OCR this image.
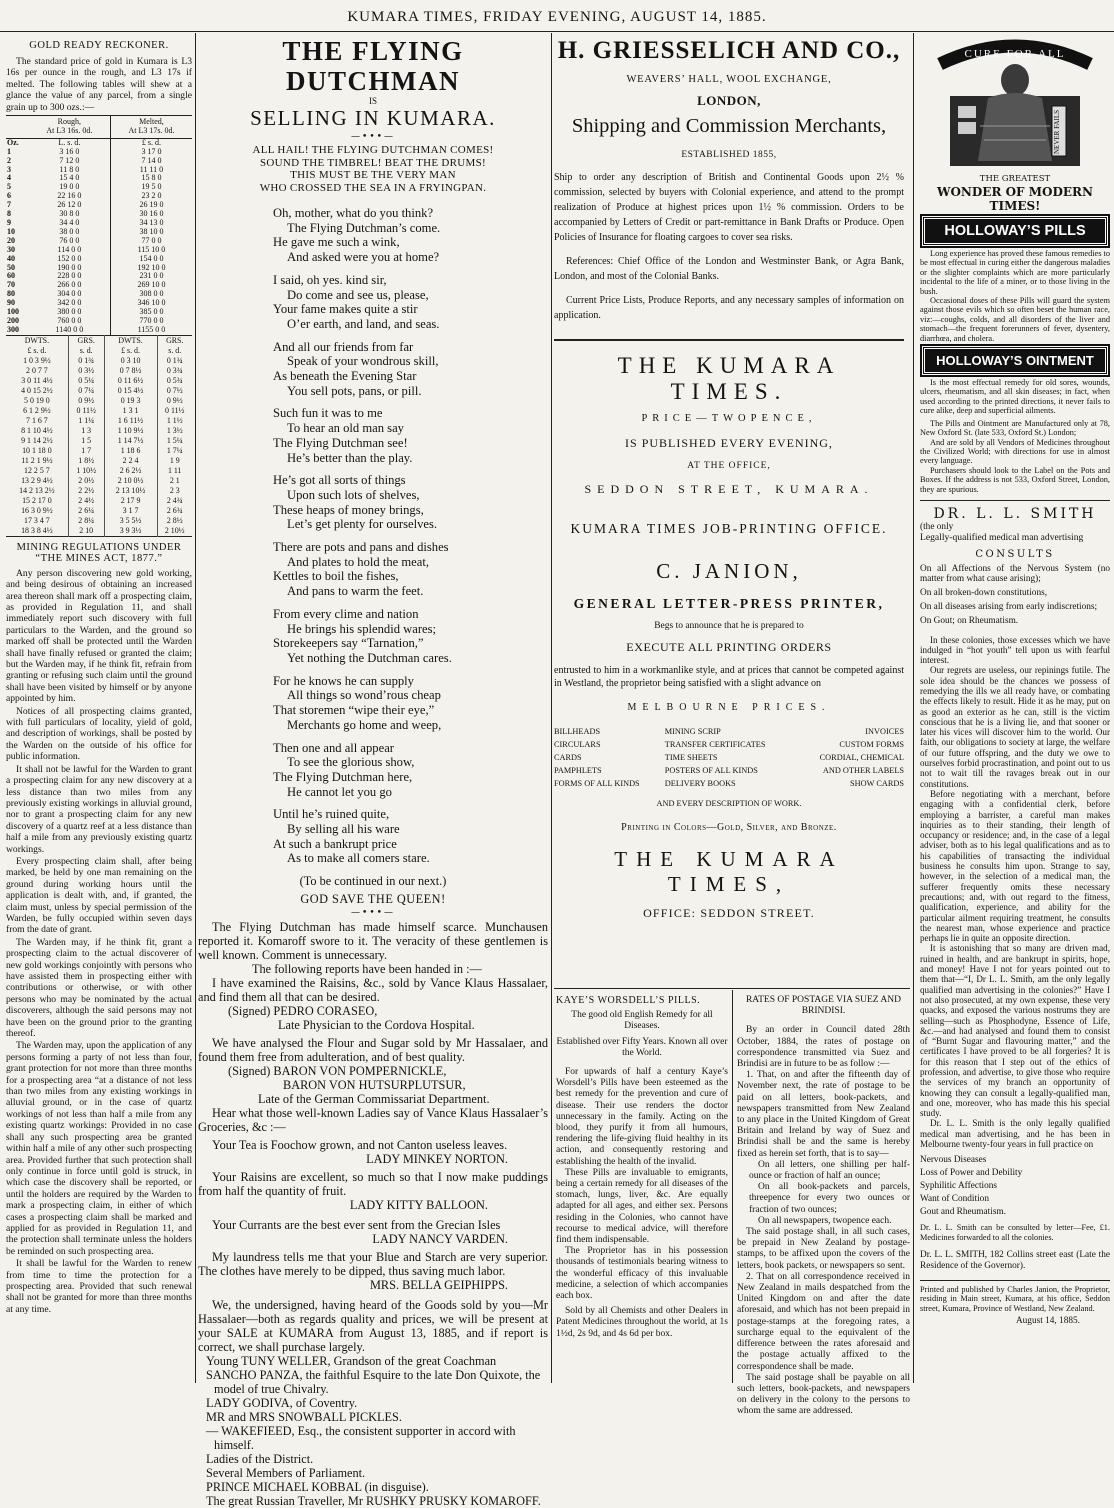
KUMARA TIMES, FRIDAY EVENING, AUGUST 14, 1885.
GOLD READY RECKONER.
The standard price of gold in Kumara is L3 16s per ounce in the rough, and L3 17s if melted. The following tables will shew at a glance the value of any parcel, from a single grain up to 300 ozs.:—
	Rough,
At L3 16s. 0d.	Melted,
At L3 17s. 0d.
Oz.	L. s. d.	£ s. d.
1	3 16 0	3 17 0
2	7 12 0	7 14 0
3	11 8 0	11 11 0
4	15 4 0	15 8 0
5	19 0 0	19 5 0
6	22 16 0	23 2 0
7	26 12 0	26 19 0
8	30 8 0	30 16 0
9	34 4 0	34 13 0
10	38 0 0	38 10 0
20	76 0 0	77 0 0
30	114 0 0	115 10 0
40	152 0 0	154 0 0
50	190 0 0	192 10 0
60	228 0 0	231 0 0
70	266 0 0	269 10 0
80	304 0 0	308 0 0
90	342 0 0	346 10 0
100	380 0 0	385 0 0
200	760 0 0	770 0 0
300	1140 0 0	1155 0 0
DWTS.	GRS.	DWTS.	GRS.
£ s. d.	s. d.	£ s. d.	s. d.
1 0 3 9½	0 1¾	0 3 10	0 1¾
2 0 7 7	0 3½	0 7 8½	0 3¾
3 0 11 4½	0 5¼	0 11 6½	0 5¾
4 0 15 2½	0 7¼	0 15 4½	0 7½
5 0 19 0	0 9½	0 19 3	0 9½
6 1 2 9½	0 11½	1 3 1	0 11½
7 1 6 7	1 1¼	1 6 11½	1 1½
8 1 10 4½	1 3	1 10 9½	1 3½
9 1 14 2½	1 5	1 14 7½	1 5¼
10 1 18 0	1 7	1 18 6	1 7¼
11 2 1 9½	1 8½	2 2 4	1 9
12 2 5 7	1 10½	2 6 2½	1 11
13 2 9 4½	2 0½	2 10 0½	2 1
14 2 13 2½	2 2½	2 13 10½	2 3
15 2 17 0	2 4½	2 17 9	2 4¾
16 3 0 9½	2 6¼	3 1 7	2 6¾
17 3 4 7	2 8¼	3 5 5½	2 8½
18 3 8 4½	2 10	3 9 3½	2 10½
MINING REGULATIONS UNDER
“THE MINES ACT, 1877.”

Any person discovering new gold working, and being desirous of obtaining an increased area thereon shall mark off a prospecting claim, as provided in Regulation 11, and shall immediately report such discovery with full particulars to the Warden, and the ground so marked off shall be protected until the Warden shall have finally refused or granted the claim; but the Warden may, if he think fit, refrain from granting or refusing such claim until the ground shall have been visited by himself or by anyone appointed by him.

Notices of all prospecting claims granted, with full particulars of locality, yield of gold, and description of workings, shall be posted by the Warden on the outside of his office for public information.

It shall not be lawful for the Warden to grant a prospecting claim for any new discovery at a less distance than two miles from any previously existing workings in alluvial ground, nor to grant a prospecting claim for any new discovery of a quartz reef at a less distance than half a mile from any previously existing quartz workings.

Every prospecting claim shall, after being marked, be held by one man remaining on the ground during working hours until the application is dealt with, and, if granted, the claim must, unless by special permission of the Warden, be fully occupied within seven days from the date of grant.

The Warden may, if he think fit, grant a prospecting claim to the actual discoverer of new gold workings conjointly with persons who have assisted them in prospecting either with contributions or otherwise, or with other persons who may be nominated by the actual discoverers, although the said persons may not have been on the ground prior to the granting thereof.

The Warden may, upon the application of any persons forming a party of not less than four, grant protection for not more than three months for a prospecting area “at a distance of not less than two miles from any existing workings in alluvial ground, or in the case of quartz workings of not less than half a mile from any existing quartz workings: Provided in no case shall any such prospecting area be granted within half a mile of any other such prospecting area. Provided further that such protection shall only continue in force until gold is struck, in which case the discovery shall be reported, or until the holders are required by the Warden to mark a prospecting claim, in either of which cases a prospecting claim shall be marked and applied for as provided in Regulation 11, and the protection shall terminate unless the holders be reminded on such prospecting area.

It shall be lawful for the Warden to renew from time to time the protection for a prospecting area. Provided that such renewal shall not be granted for more than three months at any time.

THE FLYING DUTCHMAN
IS
SELLING IN KUMARA.
—•••—
ALL HAIL! THE FLYING DUTCHMAN COMES!
SOUND THE TIMBREL! BEAT THE DRUMS!
THIS MUST BE THE VERY MAN
WHO CROSSED THE SEA IN A FRYINGPAN.
Oh, mother, what do you think?
The Flying Dutchman’s come.
He gave me such a wink,
And asked were you at home?
I said, oh yes. kind sir,
Do come and see us, please,
Your fame makes quite a stir
O’er earth, and land, and seas.
And all our friends from far
Speak of your wondrous skill,
As beneath the Evening Star
You sell pots, pans, or pill.
Such fun it was to me
To hear an old man say
The Flying Dutchman see!
He’s better than the play.
He’s got all sorts of things
Upon such lots of shelves,
These heaps of money brings,
Let’s get plenty for ourselves.
There are pots and pans and dishes
And plates to hold the meat,
Kettles to boil the fishes,
And pans to warm the feet.
From every clime and nation
He brings his splendid wares;
Storekeepers say “Tarnation,”
Yet nothing the Dutchman cares.
For he knows he can supply
All things so wond’rous cheap
That storemen “wipe their eye,”
Merchants go home and weep,
Then one and all appear
To see the glorious show,
The Flying Dutchman here,
He cannot let you go
Until he’s ruined quite,
By selling all his ware
At such a bankrupt price
As to make all comers stare.
(To be continued in our next.)
GOD SAVE THE QUEEN!
—•••—

The Flying Dutchman has made himself scarce. Munchausen reported it. Komaroff swore to it. The veracity of these gentlemen is well known. Comment is unnecessary.

The following reports have been handed in :—

I have examined the Raisins, &c., sold by Vance Klaus Hassalaer, and find them all that can be desired.

(Signed) PEDRO CORASEO,
Late Physician to the Cordova Hospital.

We have analysed the Flour and Sugar sold by Mr Hassalaer, and found them free from adulteration, and of best quality.

(Signed) BARON VON POMPERNICKLE,
BARON VON HUTSURPLUTSUR,
Late of the German Commissariat Department.

Hear what those well-known Ladies say of Vance Klaus Hassalaer’s Groceries, &c :—

Your Tea is Foochow grown, and not Canton useless leaves.

LADY MINKEY NORTON.

Your Raisins are excellent, so much so that I now make puddings from half the quantity of fruit.

LADY KITTY BALLOON.

Your Currants are the best ever sent from the Grecian Isles

LADY NANCY VARDEN.

My laundress tells me that your Blue and Starch are very superior. The clothes have merely to be dipped, thus saving much labor.

MRS. BELLA GEIPHIPPS.

We, the undersigned, having heard of the Goods sold by you—Mr Hassalaer—both as regards quality and prices, we will be present at your SALE at KUMARA from August 13, 1885, and if report is correct, we shall purchase largely.

Young TUNY WELLER, Grandson of the great Coachman
SANCHO PANZA, the faithful Esquire to the late Don Quixote, the model of true Chivalry.
LADY GODIVA, of Coventry.
MR and MRS SNOWBALL PICKLES.
— WAKEFIEED, Esq., the consistent supporter in accord with himself.
Ladies of the District.
Several Members of Parliament.
PRINCE MICHAEL KOBBAL (in disguise).
The great Russian Traveller, Mr RUSHKY PRUSKY KOMAROFF.
H. GRIESSELICH AND CO.,
WEAVERS’ HALL, WOOL EXCHANGE,
LONDON,
Shipping and Commission Merchants,
ESTABLISHED 1855,
Ship to order any description of British and Continental Goods upon 2½ % commission, selected by buyers with Colonial experience, and attend to the prompt realization of Produce at highest prices upon 1½ % commission. Orders to be accompanied by Letters of Credit or part-remittance in Bank Drafts or Produce. Open Policies of Insurance for floating cargoes to cover sea risks.
References: Chief Office of the London and Westminster Bank, or Agra Bank, London, and most of the Colonial Banks.
Current Price Lists, Produce Reports, and any necessary samples of information on application.
THE KUMARA TIMES.
PRICE—TWOPENCE,
IS PUBLISHED EVERY EVENING,
AT THE OFFICE,
SEDDON STREET, KUMARA.
KUMARA TIMES JOB-PRINTING OFFICE.
C. JANION,
GENERAL LETTER-PRESS PRINTER,
Begs to announce that he is prepared to
EXECUTE ALL PRINTING ORDERS
entrusted to him in a workmanlike style, and at prices that cannot be competed against in Westland, the proprietor being satisfied with a slight advance on
MELBOURNE PRICES.
BILLHEADS	MINING SCRIP	INVOICES
CIRCULARS	TRANSFER CERTIFICATES	CUSTOM FORMS
CARDS	TIME SHEETS	CORDIAL, CHEMICAL
PAMPHLETS	POSTERS OF ALL KINDS	AND OTHER LABELS
FORMS OF ALL KINDS	DELIVERY BOOKS	SHOW CARDS
AND EVERY DESCRIPTION OF WORK.
Printing in Colors—Gold, Silver, and Bronze.
THE KUMARA TIMES,
OFFICE: SEDDON STREET.
KAYE’S WORSDELL’S PILLS.
The good old English Remedy for all Diseases.
Established over Fifty Years. Known all over the World.

For upwards of half a century Kaye’s Worsdell’s Pills have been esteemed as the best remedy for the prevention and cure of disease. Their use renders the doctor unnecessary in the family. Acting on the blood, they purify it from all humours, rendering the life-giving fluid healthy in its action, and consequently restoring and establishing the health of the invalid.

These Pills are invaluable to emigrants, being a certain remedy for all diseases of the stomach, lungs, liver, &c. Are equally adapted for all ages, and either sex. Persons residing in the Colonies, who cannot have recourse to medical advice, will therefore find them indispensable.

The Proprietor has in his possession thousands of testimonials bearing witness to the wonderful efficacy of this invaluable medicine, a selection of which accompanies each box.

Sold by all Chemists and other Dealers in Patent Medicines throughout the world, at 1s 1½d, 2s 9d, and 4s 6d per box.

RATES OF POSTAGE VIA SUEZ AND BRINDISI.

By an order in Council dated 28th October, 1884, the rates of postage on correspondence transmitted via Suez and Brindisi are in future to be as follow :—

1. That, on and after the fifteenth day of November next, the rate of postage to be paid on all letters, book-packets, and newspapers transmitted from New Zealand to any place in the United Kingdom of Great Britain and Ireland by way of Suez and Brindisi shall be and the same is hereby fixed as herein set forth, that is to say—

On all letters, one shilling per half-ounce or fraction of half an ounce;

On all book-packets and parcels, threepence for every two ounces or fraction of two ounces;

On all newspapers, twopence each.

The said postage shall, in all such cases, be prepaid in New Zealand by postage-stamps, to be affixed upon the covers of the letters, book packets, or newspapers so sent.

2. That on all correspondence received in New Zealand in mails despatched from the United Kingdom on and after the date aforesaid, and which has not been prepaid in postage-stamps at the foregoing rates, a surcharge equal to the equivalent of the difference between the rates aforesaid and the postage actually affixed to the correspondence shall be made.

The said postage shall be payable on all such letters, book-packets, and newspapers on delivery in the colony to the persons to whom the same are addressed.

NEVER FAILS
CURE FOR ALL
THE GREATEST
WONDER OF MODERN TIMES!
HOLLOWAY’S PILLS

Long experience has proved these famous remedies to be most effectual in curing either the dangerous maladies or the slighter complaints which are more particularly incidental to the life of a miner, or to those living in the bush.

Occasional doses of these Pills will guard the system against those evils which so often beset the human race, viz:—coughs, colds, and all disorders of the liver and stomach—the frequent forerunners of fever, dysentery, diarrhœa, and cholera.

HOLLOWAY’S OINTMENT

Is the most effectual remedy for old sores, wounds, ulcers, rheumatism, and all skin diseases; in fact, when used according to the printed directions, it never fails to cure alike, deep and superficial ailments.

The Pills and Ointment are Manufactured only at 78, New Oxford St. (late 533, Oxford St.) London;

And are sold by all Vendors of Medicines throughout the Civilized World; with directions for use in almost every language.

Purchasers should look to the Label on the Pots and Boxes. If the address is not 533, Oxford Street, London, they are spurious.

DR. L. L. SMITH
(the only
Legally-qualified medical man advertising
CONSULTS
On all Affections of the Nervous System (no matter from what cause arising);
On all broken-down constitutions,
On all diseases arising from early indiscretions;
On Gout; on Rheumatism.

In these colonies, those excesses which we have indulged in “hot youth” tell upon us with fearful interest.

Our regrets are useless, our repinings futile. The sole idea should be the chances we possess of remedying the ills we all ready have, or combating the effects likely to result. Hide it as he may, put on as good an exterior as he can, still is the victim conscious that he is a living lie, and that sooner or later his vices will discover him to the world. Our faith, our obligations to society at large, the welfare of our future offspring, and the duty we owe to ourselves forbid procrastination, and point out to us not to wait till the ravages break out in our constitutions.

Before negotiating with a merchant, before engaging with a confidential clerk, before employing a barrister, a careful man makes inquiries as to their standing, their length of occupancy or residence; and, in the case of a legal adviser, both as to his legal qualifications and as to his capabilities of transacting the individual business he consults him upon. Strange to say, however, in the selection of a medical man, the sufferer frequently omits these necessary precautions; and, with out regard to the fitness, qualification, experience, and ability for the particular ailment requiring treatment, he consults the nearest man, whose experience and practice perhaps lie in quite an opposite direction.

It is astonishing that so many are driven mad, ruined in health, and are bankrupt in spirits, hope, and money! Have I not for years pointed out to them that—“I, Dr L. L. Smith, am the only legally qualified man advertising in the colonies?” Have I not also prosecuted, at my own expense, these very quacks, and exposed the various nostrums they are selling—such as Phosphodyne, Essence of Life, &c.—and had analysed and found them to consist of “Burnt Sugar and flavouring matter,” and the certificates I have proved to be all forgeries? It is for this reason that I step out of the ethics of profession, and advertise, to give those who require the services of my branch an opportunity of knowing they can consult a legally-qualified man, and one, moreover, who has made this his special study.

Dr. L. L. Smith is the only legally qualified medical man advertising, and he has been in Melbourne twenty-four years in full practice on

Nervous Diseases
Loss of Power and Debility
Syphilitic Affections
Want of Condition
Gout and Rheumatism.
Dr. L. L. Smith can be consulted by letter—Fee, £1. Medicines forwarded to all the colonies.
Dr. L. L. SMITH, 182 Collins street east (Late the Residence of the Governor).
Printed and published by Charles Janion, the Proprietor, residing in Main street, Kumara, at his office, Seddon street, Kumara, Province of Westland, New Zealand.
August 14, 1885.
